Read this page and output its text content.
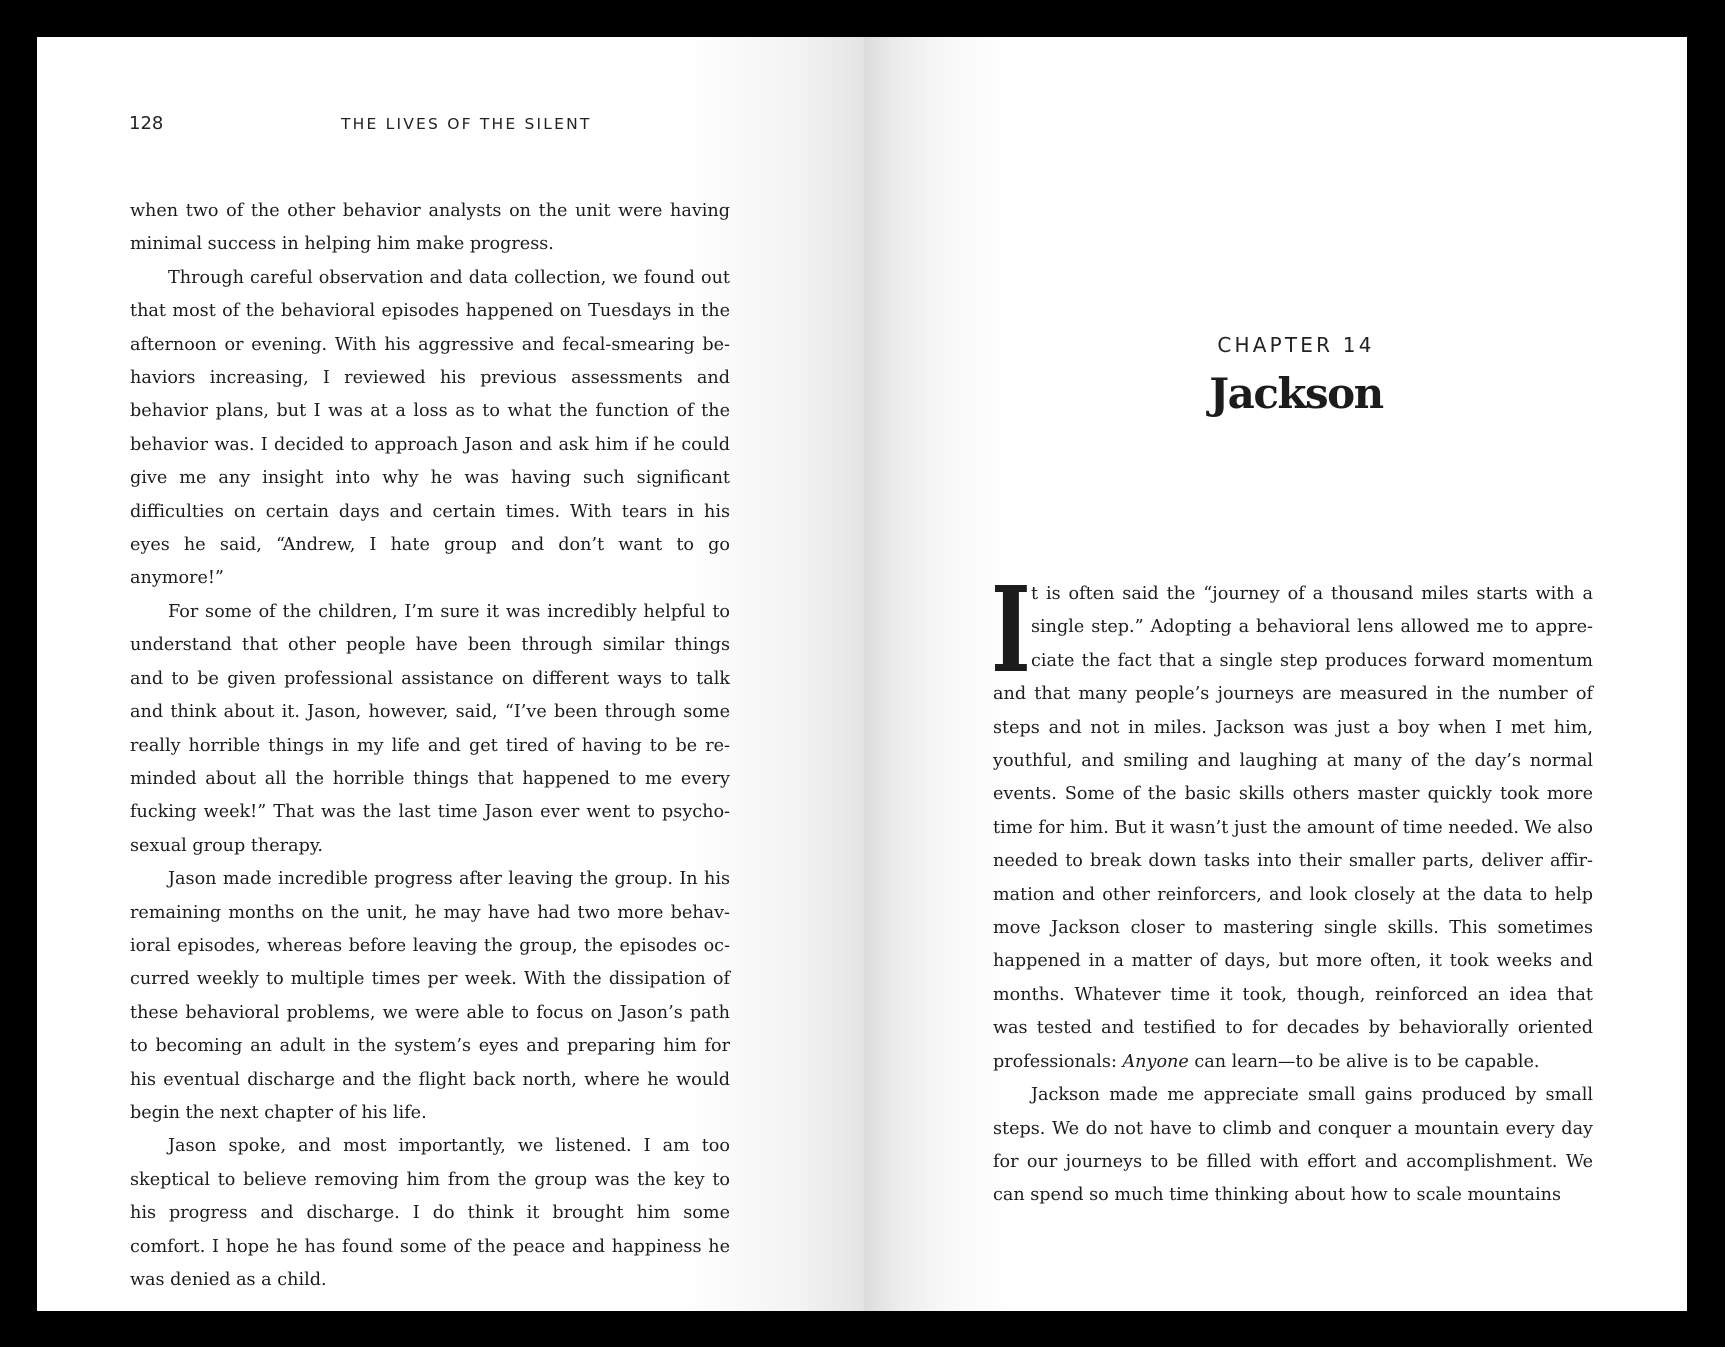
128	THE LIVES OF THE SILENT

when two of the other behavior analysts on the unit were having minimal success in helping him make progress.

Through careful observation and data collection, we found out that most of the behavioral episodes happened on Tuesdays in the afternoon or evening. With his aggressive and fecal-smearing behaviors increasing, I reviewed his previous assessments and behavior plans, but I was at a loss as to what the function of the behavior was. I decided to approach Jason and ask him if he could give me any insight into why he was having such significant difficulties on certain days and certain times. With tears in his eyes he said, “Andrew, I hate group and don’t want to go anymore!”

For some of the children, I’m sure it was incredibly helpful to understand that other people have been through similar things and to be given professional assistance on different ways to talk and think about it. Jason, however, said, “I’ve been through some really horrible things in my life and get tired of having to be re minded about all the horrible things that happened to me every fucking week!” That was the last time Jason ever went to psychosexual group therapy.

Jason made incredible progress after leaving the group. In his remaining months on the unit, he may have had two more behavioral episodes, whereas before leaving the group, the episodes occurred weekly to multiple times per week. With the dissipation of these behavioral problems, we were able to focus on Jason’s path to becoming an adult in the system’s eyes and preparing him for his eventual discharge and the flight back north, where he would begin the next chapter of his life.

Jason spoke, and most importantly, we listened. I am too skeptical to believe removing him from the group was the key to his progress and discharge. I do think it brought him some comfort. I hope he has found some of the peace and happiness he was denied as a child.

CHAPTER 14
Jackson

It is often said the “journey of a thousand miles starts with a single step.” Adopting a behavioral lens allowed me to appreciate the fact that a single step produces forward momentum and that many people’s journeys are measured in the number of steps and not in miles. Jackson was just a boy when I met him, youthful, and smiling and laughing at many of the day’s normal events. Some of the basic skills others master quickly took more time for him. But it wasn’t just the amount of time needed. We also needed to break down tasks into their smaller parts, deliver affirmation and other reinforcers, and look closely at the data to help move Jackson closer to mastering single skills. This sometimes happened in a matter of days, but more often, it took weeks and months. Whatever time it took, though, reinforced an idea that was tested and testified to for decades by behaviorally oriented professionals: Anyone can learn—to be alive is to be capable.

Jackson made me appreciate small gains produced by small steps. We do not have to climb and conquer a mountain every day for our journeys to be filled with effort and accomplishment. We can spend so much time thinking about how to scale mountains
